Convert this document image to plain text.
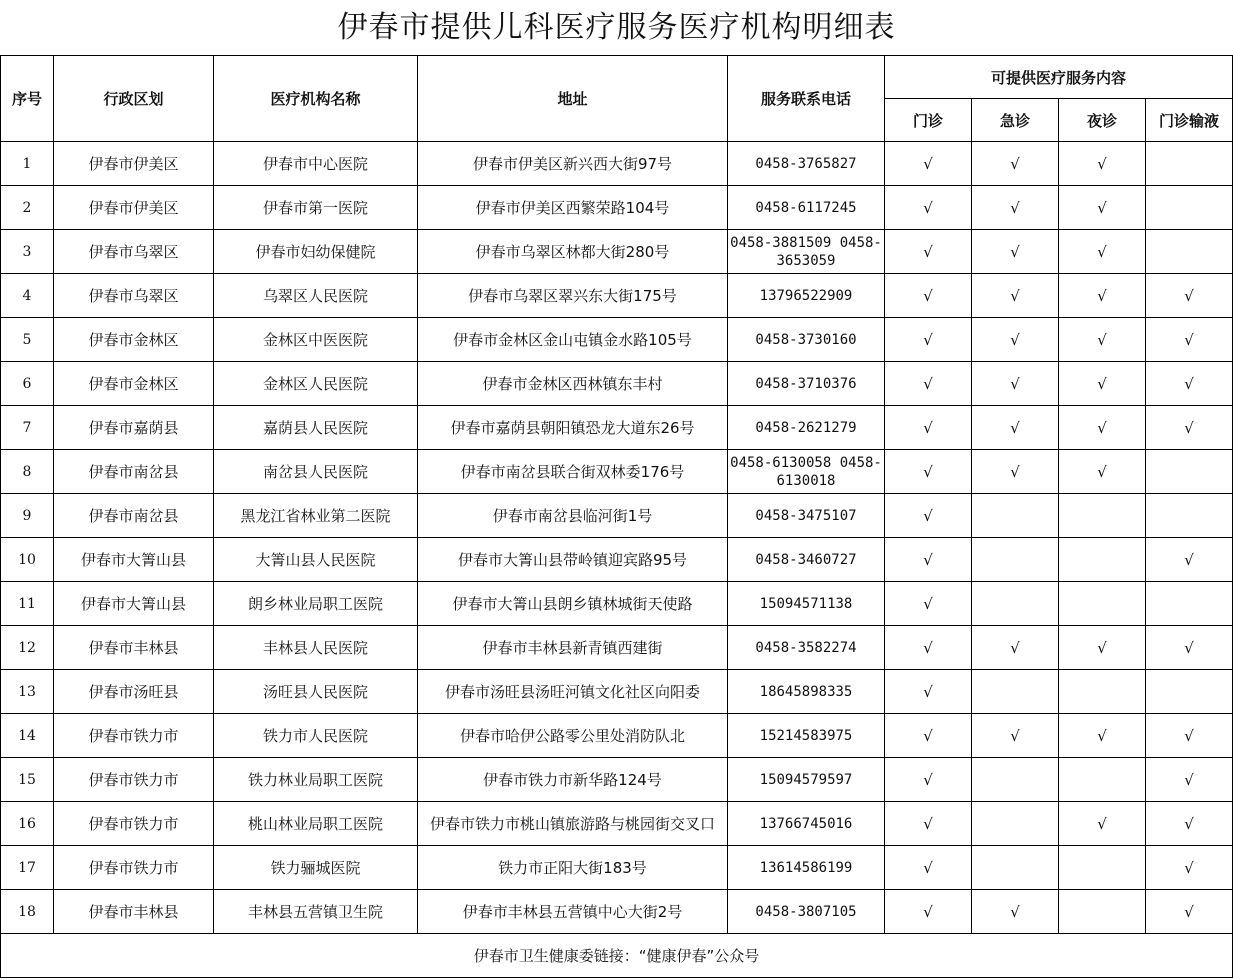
伊春市提供儿科医疗服务医疗机构明细表
序号	行政区划	医疗机构名称	地址	服务联系电话	可提供医疗服务内容			
					门诊	急诊	夜诊	门诊输液
1	伊春市伊美区	伊春市中心医院	伊春市伊美区新兴西大街97号	0458-3765827	√	√	√	
2	伊春市伊美区	伊春市第一医院	伊春市伊美区西繁荣路104号	0458-6117245	√	√	√	
3	伊春市乌翠区	伊春市妇幼保健院	伊春市乌翠区林都大街280号	0458-3881509 0458-3653059	√	√	√	
4	伊春市乌翠区	乌翠区人民医院	伊春市乌翠区翠兴东大街175号	13796522909	√	√	√	√
5	伊春市金林区	金林区中医医院	伊春市金林区金山屯镇金水路105号	0458-3730160	√	√	√	√
6	伊春市金林区	金林区人民医院	伊春市金林区西林镇东丰村	0458-3710376	√	√	√	√
7	伊春市嘉荫县	嘉荫县人民医院	伊春市嘉荫县朝阳镇恐龙大道东26号	0458-2621279	√	√	√	√
8	伊春市南岔县	南岔县人民医院	伊春市南岔县联合街双林委176号	0458-6130058 0458-6130018	√	√	√	
9	伊春市南岔县	黑龙江省林业第二医院	伊春市南岔县临河街1号	0458-3475107	√			
10	伊春市大箐山县	大箐山县人民医院	伊春市大箐山县带岭镇迎宾路95号	0458-3460727	√			√
11	伊春市大箐山县	朗乡林业局职工医院	伊春市大箐山县朗乡镇林城街天使路	15094571138	√			
12	伊春市丰林县	丰林县人民医院	伊春市丰林县新青镇西建街	0458-3582274	√	√	√	√
13	伊春市汤旺县	汤旺县人民医院	伊春市汤旺县汤旺河镇文化社区向阳委	18645898335	√			
14	伊春市铁力市	铁力市人民医院	伊春市哈伊公路零公里处消防队北	15214583975	√	√	√	√
15	伊春市铁力市	铁力林业局职工医院	伊春市铁力市新华路124号	15094579597	√			√
16	伊春市铁力市	桃山林业局职工医院	伊春市铁力市桃山镇旅游路与桃园街交叉口	13766745016	√		√	√
17	伊春市铁力市	铁力骊城医院	铁力市正阳大街183号	13614586199	√			√
18	伊春市丰林县	丰林县五营镇卫生院	伊春市丰林县五营镇中心大街2号	0458-3807105	√	√		√
伊春市卫生健康委链接：“健康伊春”公众号								
